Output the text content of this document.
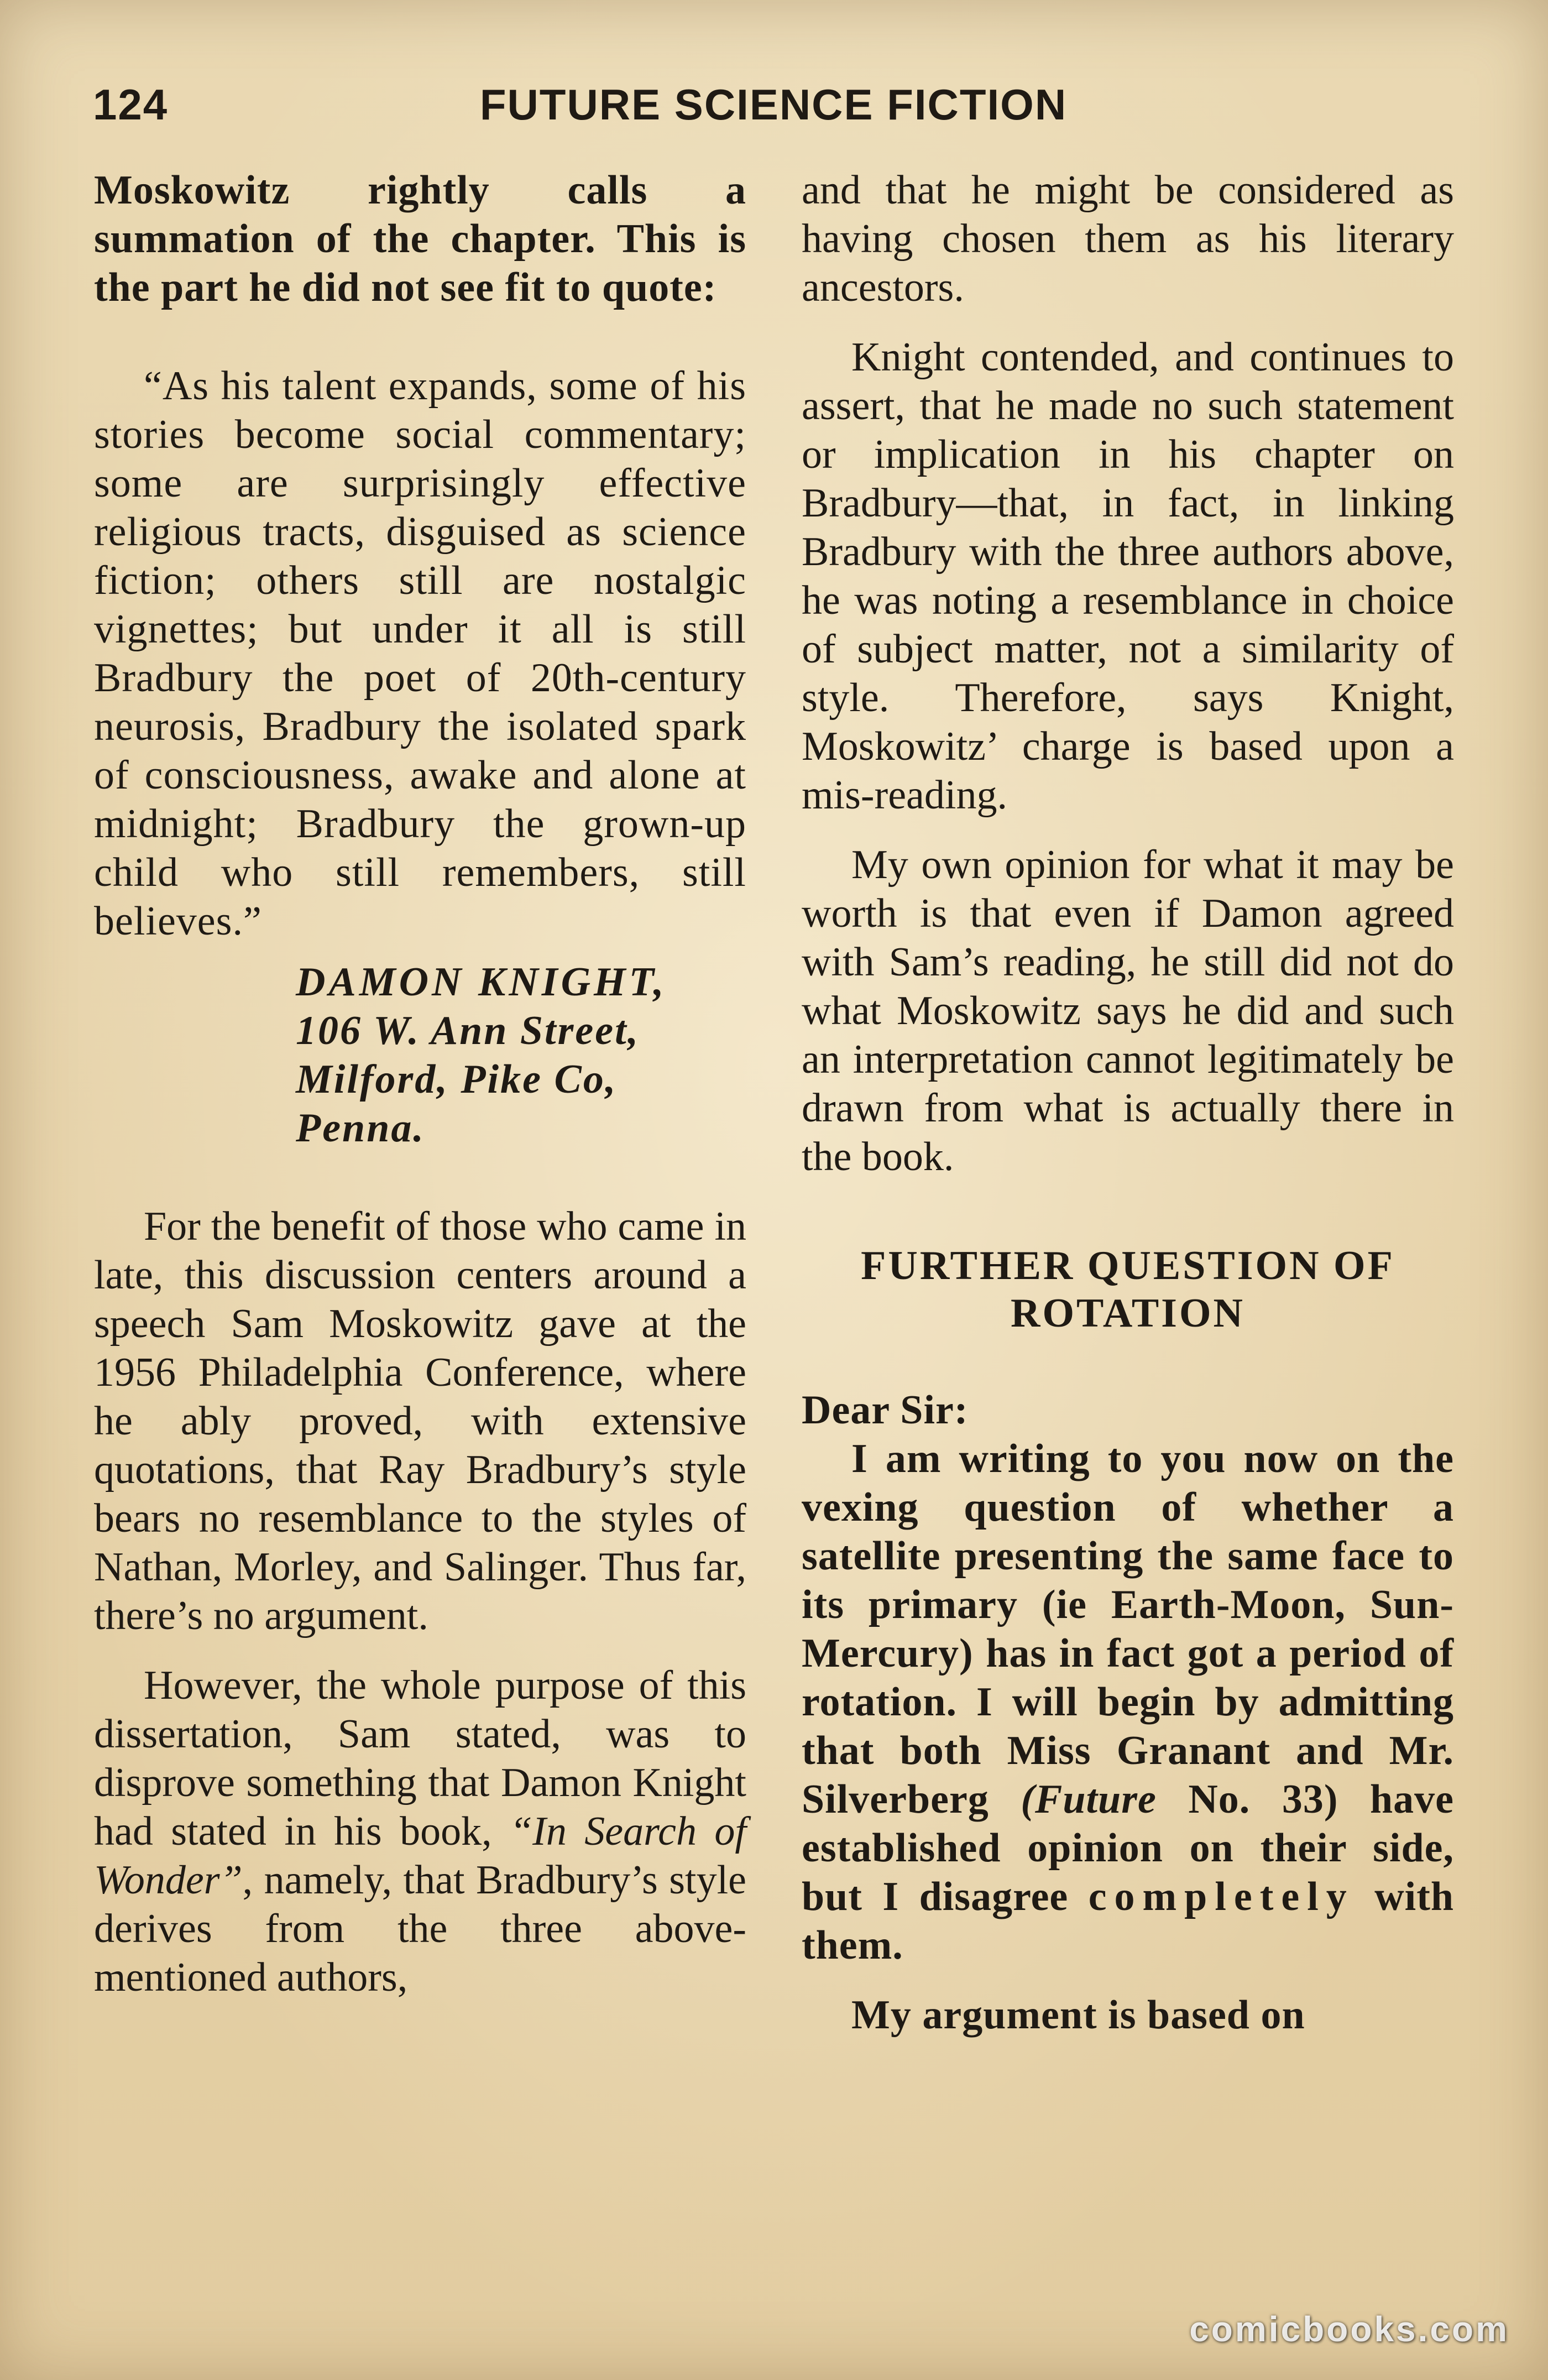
124	FUTURE SCIENCE FICTION

Moskowitz rightly calls a summation of the chapter. This is the part he did not see fit to quote:

“As his talent expands, some of his stories become social commentary; some are surprisingly effective religious tracts, disguised as science fiction; others still are nostalgic vignettes; but under it all is still Bradbury the poet of 20th-century neurosis, Bradbury the isolated spark of consciousness, awake and alone at midnight; Bradbury the grown-up child who still remembers, still believes.”

DAMON KNIGHT,
106 W. Ann Street,
Milford, Pike Co,
Penna.

For the benefit of those who came in late, this discussion centers around a speech Sam Moskowitz gave at the 1956 Philadelphia Conference, where he ably proved, with extensive quotations, that Ray Bradbury’s style bears no resemblance to the styles of Nathan, Morley, and Salinger. Thus far, there’s no argument.

However, the whole purpose of this dissertation, Sam stated, was to disprove something that Damon Knight had stated in his book, “In Search of Wonder”, namely, that Bradbury’s style derives from the three above-mentioned authors,

and that he might be considered as having chosen them as his literary ancestors.

Knight contended, and continues to assert, that he made no such statement or implication in his chapter on Bradbury—that, in fact, in linking Bradbury with the three authors above, he was noting a resemblance in choice of subject matter, not a similarity of style. Therefore, says Knight, Moskowitz’ charge is based upon a mis-reading.

My own opinion for what it may be worth is that even if Damon agreed with Sam’s reading, he still did not do what Moskowitz says he did and such an interpretation cannot legitimately be drawn from what is actually there in the book.

FURTHER QUESTION OF
ROTATION

Dear Sir:

I am writing to you now on the vexing question of whether a satellite presenting the same face to its primary (ie Earth-Moon, Sun-Mercury) has in fact got a period of rotation. I will begin by admitting that both Miss Granant and Mr. Silverberg (Future No. 33) have established opinion on their side, but I disagree completely with them.

My argument is based on

comicbooks.com
